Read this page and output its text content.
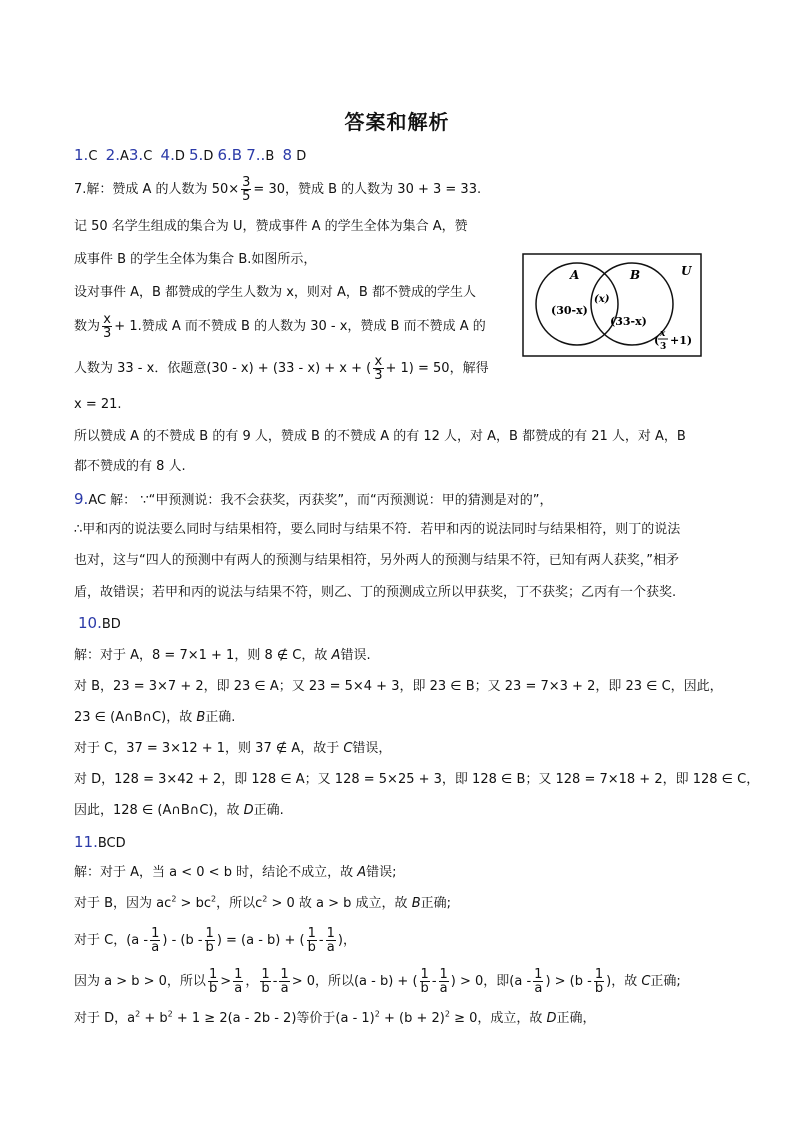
答案和解析
1.C 2.A3.C 4.D 5.D 6.B 7..B 8 D
7.解：赞成 A 的人数为 $50\times \frac{3}{5} = 30$，赞成 B 的人数为 30 + 3 = 33.
记 50 名学生组成的集合为 U，赞成事件 A 的学生全体为集合 A，赞
成事件 B 的学生全体为集合 B.如图所示，
设对事件 A，B 都赞成的学生人数为 x，则对 A，B 都不赞成的学生人
数为 $\frac{x}{3} + 1$.赞成 A 而不赞成 B 的人数为 30 - x，赞成 B 而不赞成 A 的
人数为 33 - x．依题意(30 - x) + (33 - x) + x + ( $\frac{x}{3} + 1) = 50$，解得
x = 21.
所以赞成 A 的不赞成 B 的有 9 人，赞成 B 的不赞成 A 的有 12 人，对 A，B 都赞成的有 21 人，对 A，B
都不赞成的有 8 人.
A	B	U
(30-x)
(x)
(33-x)
( x
3 +1)
9.AC 解： ∵“甲预测说：我不会获奖，丙获奖”，而“丙预测说：甲的猜测是对的”，
∴甲和丙的说法要么同时与结果相符，要么同时与结果不符．若甲和丙的说法同时与结果相符，则丁的说法
也对，这与“四人的预测中有两人的预测与结果相符，另外两人的预测与结果不符，已知有两人获奖，”相矛
盾，故错误；若甲和丙的说法与结果不符，则乙、丁的预测成立所以甲获奖，丁不获奖；乙丙有一个获奖.
10.BD
解：对于 A，8 = 7×1 + 1，则 8 ∉ C，故 A错误.
对 B，23 = 3×7 + 2，即 23 ∈ A；又 23 = 5×4 + 3，即 23 ∈ B；又 23 = 7×3 + 2，即 23 ∈ C，因此，
23 ∈ (A∩B∩C)，故 B正确.
对于 C，37 = 3×12 + 1，则 37 ∉ A，故于 C错误，
对 D，128 = 3×42 + 2，即 128 ∈ A；又 128 = 5×25 + 3，即 128 ∈ B；又 128 = 7×18 + 2，即 128 ∈ C，
因此，128 ∈ (A∩B∩C)，故 D正确.
11.BCD
解：对于 A，当 a < 0 < b 时，结论不成立，故 A错误;
对于 B，因为 $ac^2 > bc^2$，所以$c^2 > 0$ 故 a > b 成立，故 B正确;
对于 C，($a - \frac{1}{a}$ ) - ($b - \frac{1}{b}$ ) = (a - b) + ( $\frac{1}{b} - \frac{1}{a}$ )，
因为 a > b > 0，所以 $\frac{1}{b} > \frac{1}{a}$ ， $\frac{1}{b} - \frac{1}{a} > 0$，所以(a - b) + ( $\frac{1}{b} - \frac{1}{a}$ ) > 0，即($a - \frac{1}{a}$ ) > ($b - \frac{1}{b}$ )，故 C正确;
对于 D，$a^2 + b^2 + 1 \ge 2(a - 2b - 2)$等价于$(a - 1)^2 + (b + 2)^2 \ge 0$，成立，故 D正确，
